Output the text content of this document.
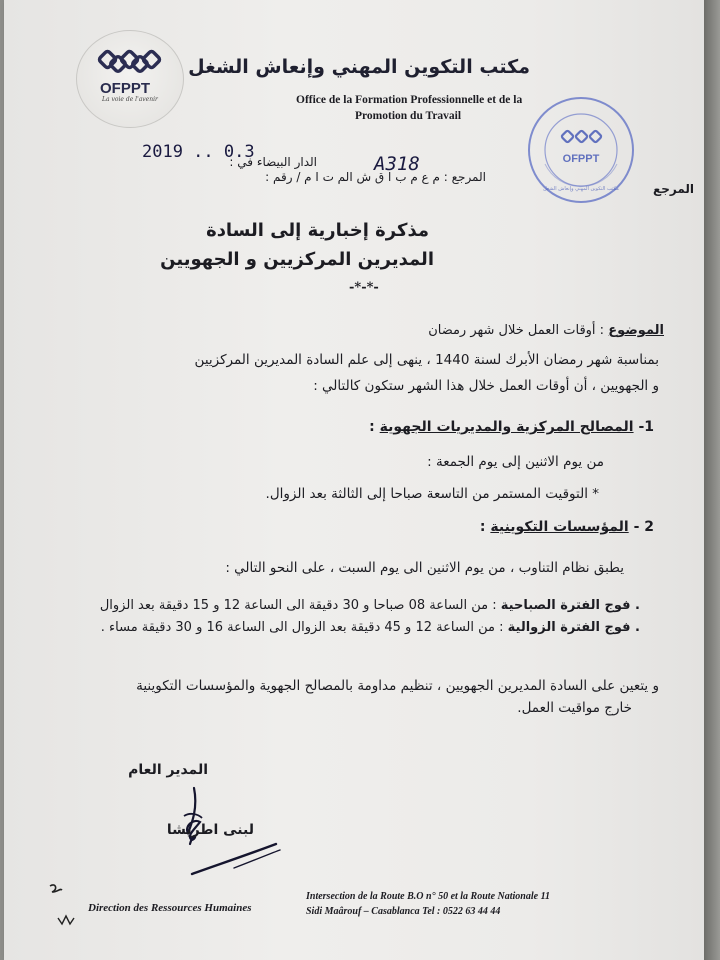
OFPPT
La voie de l'avenir
مكتب التكوين المهني وإنعاش الشغل
Office de la Formation Professionnelle et de la
Promotion du Travail
OFPPT
مكتب التكوين المهني وإنعاش الشغل
2019 .. 0.3
الدار البيضاء في :	A318
المرجع : م ع م ب ا ق ش الم ت ا م / رقم :
المرجع
مذكرة إخبارية إلى السادة
المديرين المركزيين و الجهويين
-*-*-
الموضوع : أوقات العمل خلال شهر رمضان
بمناسبة شهر رمضان الأبرك لسنة 1440 ، ينهى إلى علم السادة المديرين المركزيين
و الجهويين ، أن أوقات العمل خلال هذا الشهر ستكون كالتالي :
1- المصالح المركزية والمديريات الجهوية :
من يوم الاثنين إلى يوم الجمعة :
* التوقيت المستمر من التاسعة صباحا إلى الثالثة بعد الزوال.
2 - المؤسسات التكوينية :
يطبق نظام التناوب ، من يوم الاثنين الى يوم السبت ، على النحو التالي :
. فوج الفترة الصباحية : من الساعة 08 صباحا و 30 دقيقة الى الساعة 12 و 15 دقيقة بعد الزوال
. فوج الفترة الزوالية : من الساعة 12 و 45 دقيقة بعد الزوال الى الساعة 16 و 30 دقيقة مساء .
و يتعين على السادة المديرين الجهويين ، تنظيم مداومة بالمصالح الجهوية والمؤسسات التكوينية
خارج مواقيت العمل.
المدير العام
لبنى اطريشا
Direction des Ressources Humaines
Intersection de la Route B.O n° 50 et la Route Nationale 11
Sidi Maârouf – Casablanca Tel : 0522 63 44 44
